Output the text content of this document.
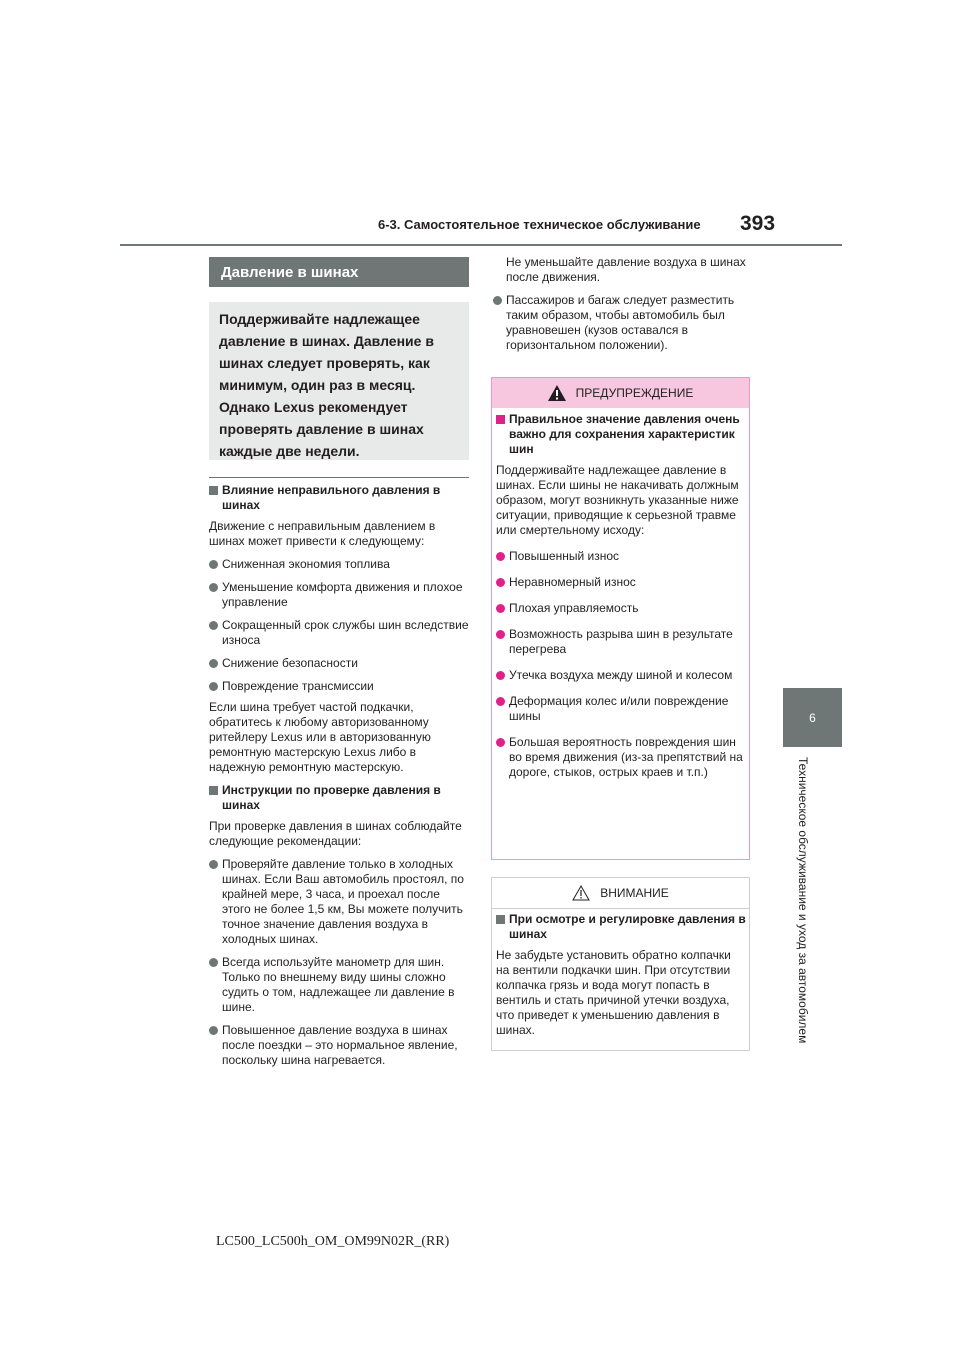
6-3. Самостоятельное техническое обслуживание 393
6
Техническое обслуживание и уход за автомобилем
Давление в шинах
Поддерживайте надлежащее давление в шинах. Давление в шинах следует проверять, как минимум, один раз в месяц. Однако Lexus рекомендует проверять давление в шинах каждые две недели.
Влияние неправильного давления в шинах
Движение с неправильным давлением в шинах может привести к следующему:
Сниженная экономия топлива
Уменьшение комфорта движения и плохое управление
Сокращенный срок службы шин вследствие износа
Снижение безопасности
Повреждение трансмиссии
Если шина требует частой подкачки, обратитесь к любому авторизованному ритейлеру Lexus или в авторизованную ремонтную мастерскую Lexus либо в надежную ремонтную мастерскую.
Инструкции по проверке давления в шинах
При проверке давления в шинах соблюдайте следующие рекомендации:
Проверяйте давление только в холодных шинах. Если Ваш автомобиль простоял, по крайней мере, 3 часа, и проехал после этого не более 1,5 км, Вы можете получить точное значение давления воздуха в холодных шинах.
Всегда используйте манометр для шин. Только по внешнему виду шины сложно судить о том, надлежащее ли давление в шине.
Повышенное давление воздуха в шинах после поездки – это нормальное явление, поскольку шина нагревается.
Не уменьшайте давление воздуха в шинах после движения.
Пассажиров и багаж следует разместить таким образом, чтобы автомобиль был уравновешен (кузов оставался в горизонтальном положении).
ПРЕДУПРЕЖДЕНИЕ
Правильное значение давления очень важно для сохранения характеристик шин
Поддерживайте надлежащее давление в шинах. Если шины не накачивать должным образом, могут возникнуть указанные ниже ситуации, приводящие к серьезной травме или смертельному исходу:
Повышенный износ
Неравномерный износ
Плохая управляемость
Возможность разрыва шин в результате перегрева
Утечка воздуха между шиной и колесом
Деформация колес и/или повреждение шины
Большая вероятность повреждения шин во время движения (из-за препятствий на дороге, стыков, острых краев и т.п.)
ВНИМАНИЕ
При осмотре и регулировке давления в шинах
Не забудьте установить обратно колпачки на вентили подкачки шин. При отсутствии колпачка грязь и вода могут попасть в вентиль и стать причиной утечки воздуха, что приведет к уменьшению давления в шинах.
LC500_LC500h_OM_OM99N02R_(RR)
